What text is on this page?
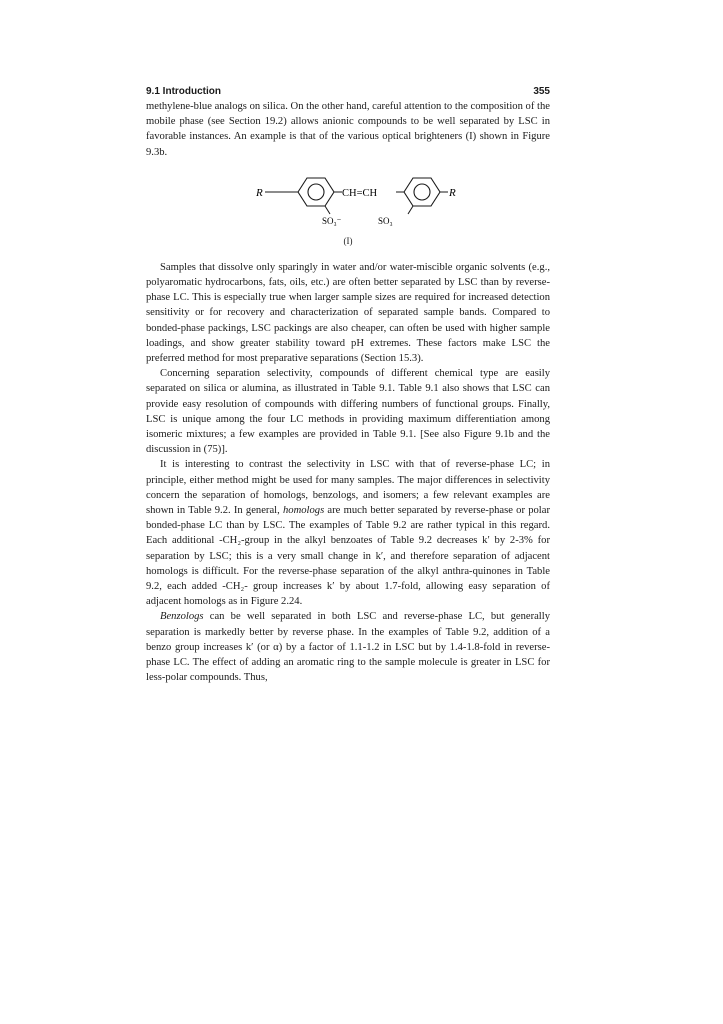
9.1 Introduction	355

methylene-blue analogs on silica. On the other hand, careful attention to the composition of the mobile phase (see Section 19.2) allows anionic compounds to be well separated by LSC in favorable instances. An example is that of the various optical brighteners (I) shown in Figure 9.3b.

R	CH=CH	R
SO₃⁻	SO₃
(I)

Samples that dissolve only sparingly in water and/or water-miscible organic solvents (e.g., polyaromatic hydrocarbons, fats, oils, etc.) are often better separated by LSC than by reverse-phase LC. This is especially true when larger sample sizes are required for increased detection sensitivity or for recovery and characterization of separated sample bands. Compared to bonded-phase packings, LSC packings are also cheaper, can often be used with higher sample loadings, and show greater stability toward pH extremes. These factors make LSC the preferred method for most preparative separations (Section 15.3).

Concerning separation selectivity, compounds of different chemical type are easily separated on silica or alumina, as illustrated in Table 9.1. Table 9.1 also shows that LSC can provide easy resolution of compounds with differing numbers of functional groups. Finally, LSC is unique among the four LC methods in providing maximum differentiation among isomeric mixtures; a few examples are provided in Table 9.1. [See also Figure 9.1b and the discussion in (75)].

It is interesting to contrast the selectivity in LSC with that of reverse-phase LC; in principle, either method might be used for many samples. The major differences in selectivity concern the separation of homologs, benzologs, and isomers; a few relevant examples are shown in Table 9.2. In general, homologs are much better separated by reverse-phase or polar bonded-phase LC than by LSC. The examples of Table 9.2 are rather typical in this regard. Each additional -CH₂-group in the alkyl benzoates of Table 9.2 decreases k′ by 2-3% for separation by LSC; this is a very small change in k′, and therefore separation of adjacent homologs is difficult. For the reverse-phase separation of the alkyl anthra-quinones in Table 9.2, each added -CH₂- group increases k′ by about 1.7-fold, allowing easy separation of adjacent homologs as in Figure 2.24.

Benzologs can be well separated in both LSC and reverse-phase LC, but generally separation is markedly better by reverse phase. In the examples of Table 9.2, addition of a benzo group increases k′ (or α) by a factor of 1.1-1.2 in LSC but by 1.4-1.8-fold in reverse-phase LC. The effect of adding an aromatic ring to the sample molecule is greater in LSC for less-polar compounds. Thus,
